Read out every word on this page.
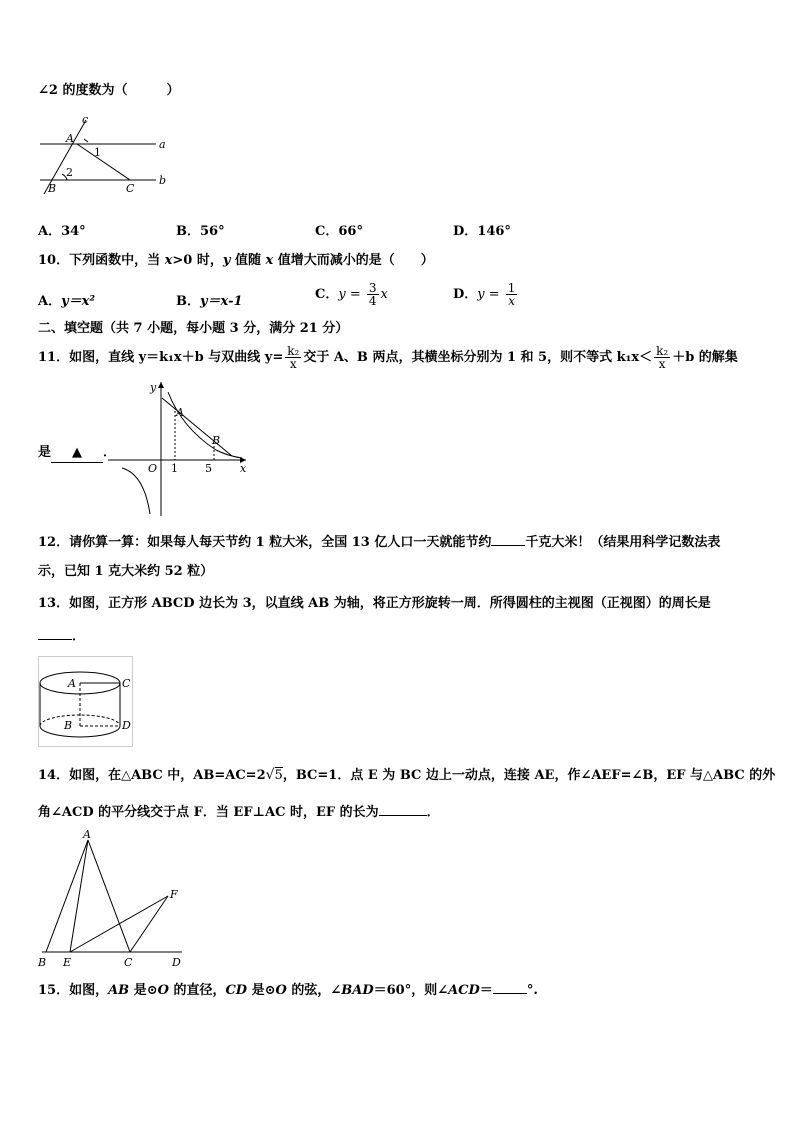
∠2 的度数为（　　　）
c
A
1
a
2
B	C
b
A．34°	B．56°	C．66°	D．146°
10．下列函数中，当 x>0 时，y 值随 x 值增大而减小的是（　　）
A．y＝x²	B．y＝x-1	C．$y = \frac{3}{4}$ x	D．$y = \frac{1}{x}$
二、填空题（共 7 小题，每小题 3 分，满分 21 分）
11．如图，直线 y＝k₁x＋b 与双曲线 $y= \frac{\text{k₂}}{x}$ 交于 A、B 两点，其横坐标分别为 1 和 5，则不等式 $k_1x< \frac{\text{k₂}}{x} +b$ 的解集
是 ▲ ．
y
A
B
O 1 5	x
12．请你算一算：如果每人每天节约 1 粒大米，全国 13 亿人口一天就能节约	千克大米！（结果用科学记数法表
示，已知 1 克大米约 52 粒）
13．如图，正方形 ABCD 边长为 3，以直线 AB 为轴，将正方形旋转一周．所得圆柱的主视图（正视图）的周长是
．
A	C
B	D
14．如图，在△ABC 中，AB=AC=2√5，BC=1．点 E 为 BC 边上一动点，连接 AE，作∠AEF=∠B，EF 与△ABC 的外
角∠ACD 的平分线交于点 F．当 EF⊥AC 时，EF 的长为	．
A
F
B E	C	D
15．如图，AB 是⊙O 的直径，CD 是⊙O 的弦，∠BAD＝60°，则∠ACD＝	°.
